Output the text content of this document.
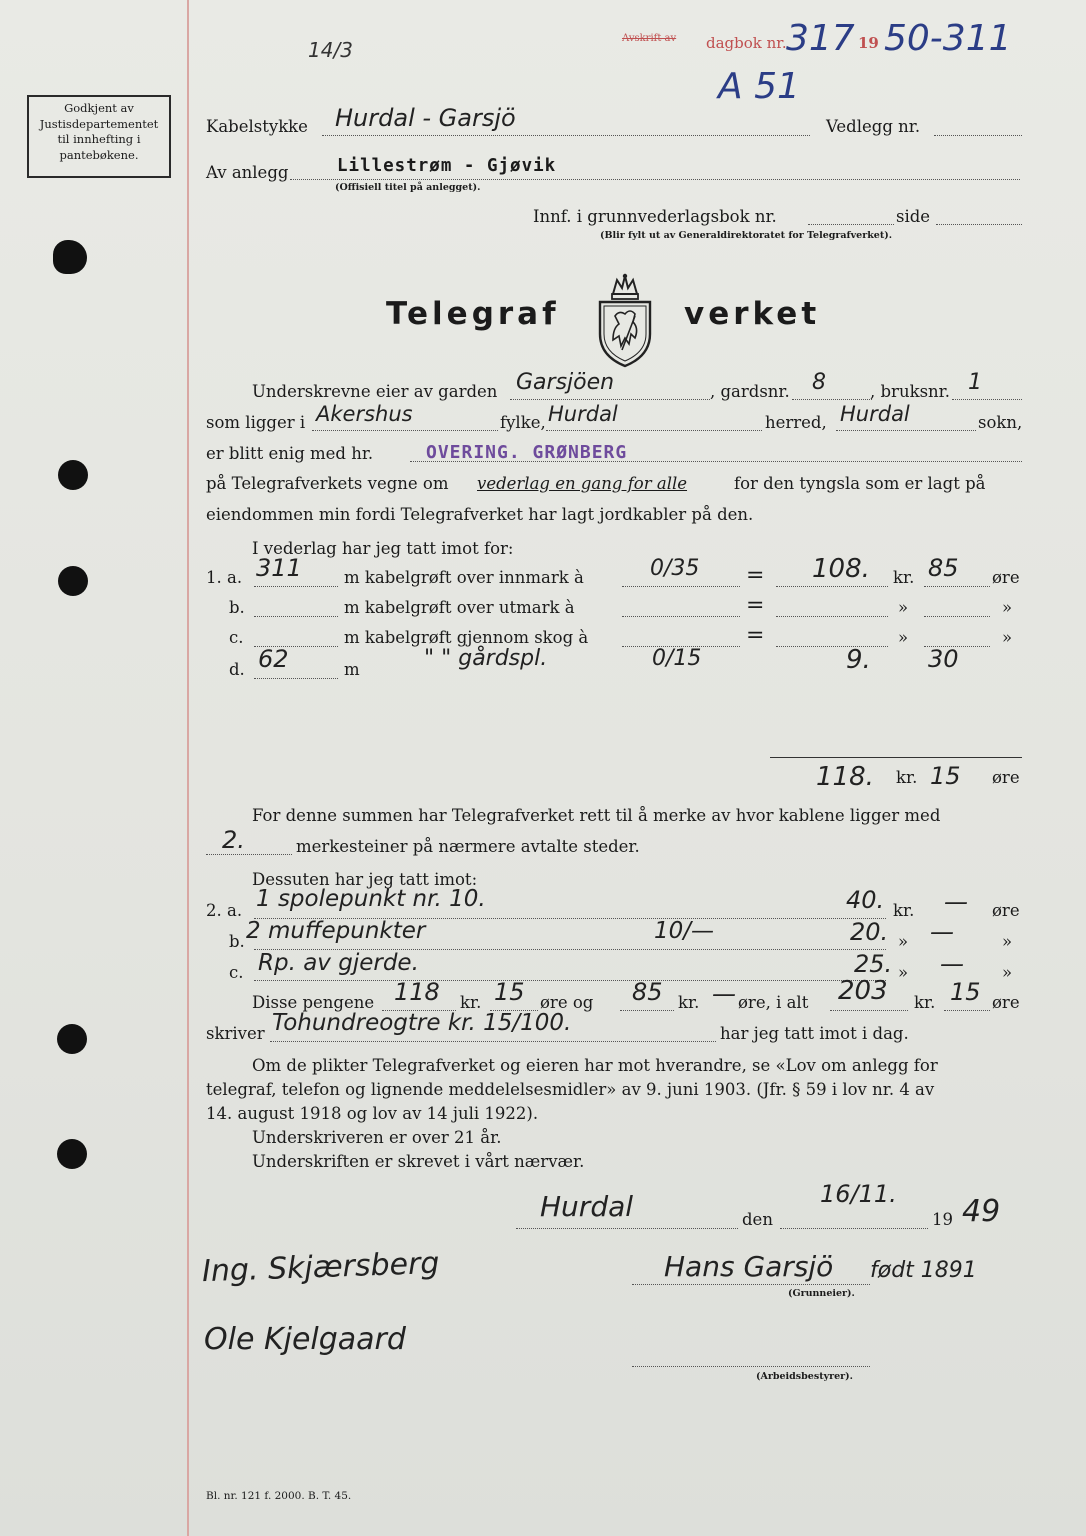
Avskrift av dagbok nr. 317 19 50-311
A 51
Godkjent av
Justisdepartementet
til innhefting i
pantebøkene.
14/3
Kabelstykke Hurdal - Garsjö	Vedlegg nr.
Av anlegg	Lillestrøm - Gjøvik
(Offisiell titel på anlegget).
Innf. i grunnvederlagsbok nr.	side
(Blir fylt ut av Generaldirektoratet for Telegrafverket).
Telegraf	verket
Underskrevne eier av garden Garsjöen	, gardsnr. 8	, bruksnr. 1
som ligger i Akershus	fylke, Hurdal	herred, Hurdal	sokn,
er blitt enig med hr.	OVERING. GRØNBERG
på Telegrafverkets vegne om vederlag en gang for alle	for den tyngsla som er lagt på
eiendommen min fordi Telegrafverket har lagt jordkabler på den.
I vederlag har jeg tatt imot for:
1. a. 311	m kabelgrøft over innmark à	0/35 = 108. kr. 85 øre
b.	m kabelgrøft over utmark à	=	»	»
c.	m kabelgrøft gjennom skog à	=	»	»
d. 62	m	" " gårdspl.	0/15	9. 30
118. kr. 15 øre
For denne summen har Telegrafverket rett til å merke av hvor kablene ligger med
2.	merkesteiner på nærmere avtalte steder.
Dessuten har jeg tatt imot:
2. a. 1 spolepunkt nr. 10.	40. kr. — øre
b. 2 muffepunkter	10/—	20. » —	»
c. Rp. av gjerde.	25. » — »
Disse pengene 118 kr. 15 øre og 85 kr. — øre, i alt 203 kr. 15 øre
skriver Tohundreogtre kr. 15/100.	har jeg tatt imot i dag.
Om de plikter Telegrafverket og eieren har mot hverandre, se «Lov om anlegg for
telegraf, telefon og lignende meddelelsesmidler» av 9. juni 1903. (Jfr. § 59 i lov nr. 4 av
14. august 1918 og lov av 14 juli 1922).
Underskriveren er over 21 år.
Underskriften er skrevet i vårt nærvær.
Hurdal	den
16/11.
19 49
Ing. Skjærsberg	Hans Garsjö født 1891
(Grunneier).
Ole Kjelgaard
(Arbeidsbestyrer).
Bl. nr. 121 f. 2000. B. T. 45.
